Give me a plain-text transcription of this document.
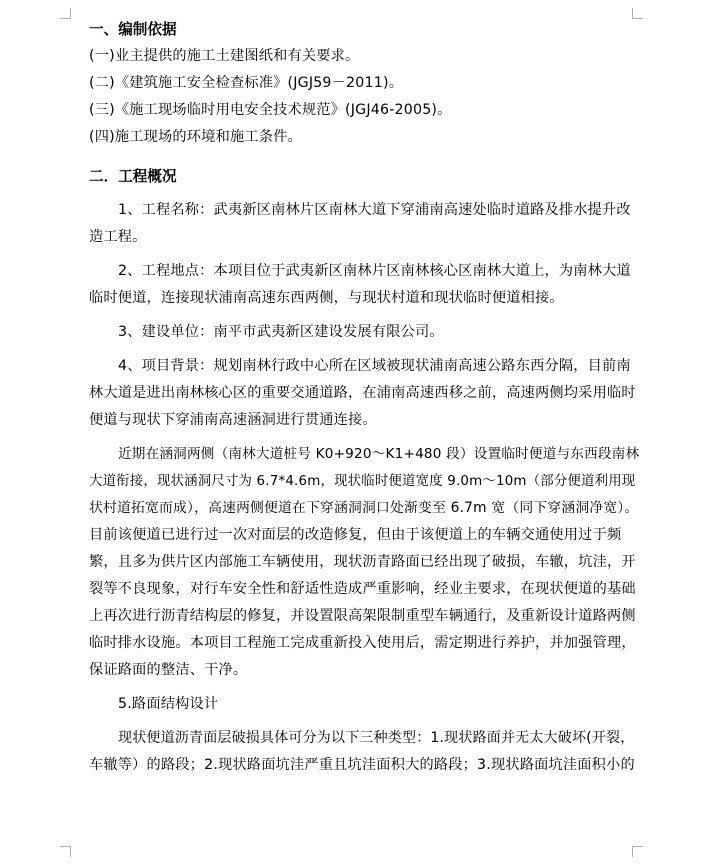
一、编制依据
(一)业主提供的施工土建图纸和有关要求。
(二)《建筑施工安全检查标准》(JGJ59－2011)。
(三)《施工现场临时用电安全技术规范》(JGJ46-2005)。
(四)施工现场的环境和施工条件。
二．工程概况
1、工程名称：武夷新区南林片区南林大道下穿浦南高速处临时道路及排水提升改
造工程。
2、工程地点：本项目位于武夷新区南林片区南林核心区南林大道上，为南林大道
临时便道，连接现状浦南高速东西两侧，与现状村道和现状临时便道相接。
3、建设单位：南平市武夷新区建设发展有限公司。
4、项目背景：规划南林行政中心所在区域被现状浦南高速公路东西分隔，目前南
林大道是进出南林核心区的重要交通道路，在浦南高速西移之前，高速两侧均采用临时
便道与现状下穿浦南高速涵洞进行贯通连接。
近期在涵洞两侧（南林大道桩号 K0+920～K1+480 段）设置临时便道与东西段南林
大道衔接，现状涵洞尺寸为 6.7*4.6m，现状临时便道宽度 9.0m～10m（部分便道利用现
状村道拓宽而成），高速两侧便道在下穿涵洞洞口处渐变至 6.7m 宽（同下穿涵洞净宽）。
目前该便道已进行过一次对面层的改造修复，但由于该便道上的车辆交通使用过于频
繁，且多为供片区内部施工车辆使用，现状沥青路面已经出现了破损，车辙，坑洼，开
裂等不良现象，对行车安全性和舒适性造成严重影响，经业主要求，在现状便道的基础
上再次进行沥青结构层的修复，并设置限高架限制重型车辆通行，及重新设计道路两侧
临时排水设施。本项目工程施工完成重新投入使用后，需定期进行养护，并加强管理，
保证路面的整洁、干净。
5.路面结构设计
现状便道沥青面层破损具体可分为以下三种类型：1.现状路面并无太大破坏(开裂，
车辙等）的路段；2.现状路面坑洼严重且坑洼面积大的路段；3.现状路面坑洼面积小的
